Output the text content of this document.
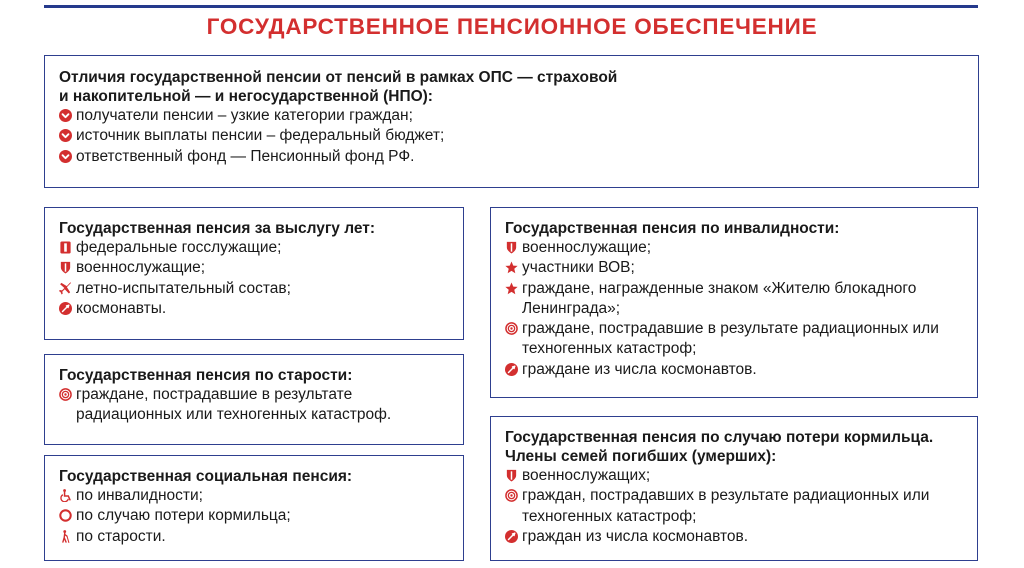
ГОСУДАРСТВЕННОЕ ПЕНСИОННОЕ ОБЕСПЕЧЕНИЕ
Отличия государственной пенсии от пенсий в рамках ОПС — страховой
и накопительной — и негосударственной (НПО):
получатели пенсии – узкие категории граждан;
источник выплаты пенсии – федеральный бюджет;
ответственный фонд — Пенсионный фонд РФ.
Государственная пенсия за выслугу лет:
федеральные госслужащие;
военнослужащие;
летно-испытательный состав;
космонавты.
Государственная пенсия по старости:
граждане, пострадавшие в результате радиационных или техногенных катастроф.
Государственная социальная пенсия:
по инвалидности;
по случаю потери кормильца;
по старости.
Государственная пенсия по инвалидности:
военнослужащие;
участники ВОВ;
граждане, награжденные знаком «Жителю блокадного Ленинграда»;
граждане, пострадавшие в результате радиационных или техногенных катастроф;
граждане из числа космонавтов.
Государственная пенсия по случаю потери кормильца. Члены семей погибших (умерших):
военнослужащих;
граждан, пострадавших в результате радиационных или техногенных катастроф;
граждан из числа космонавтов.
